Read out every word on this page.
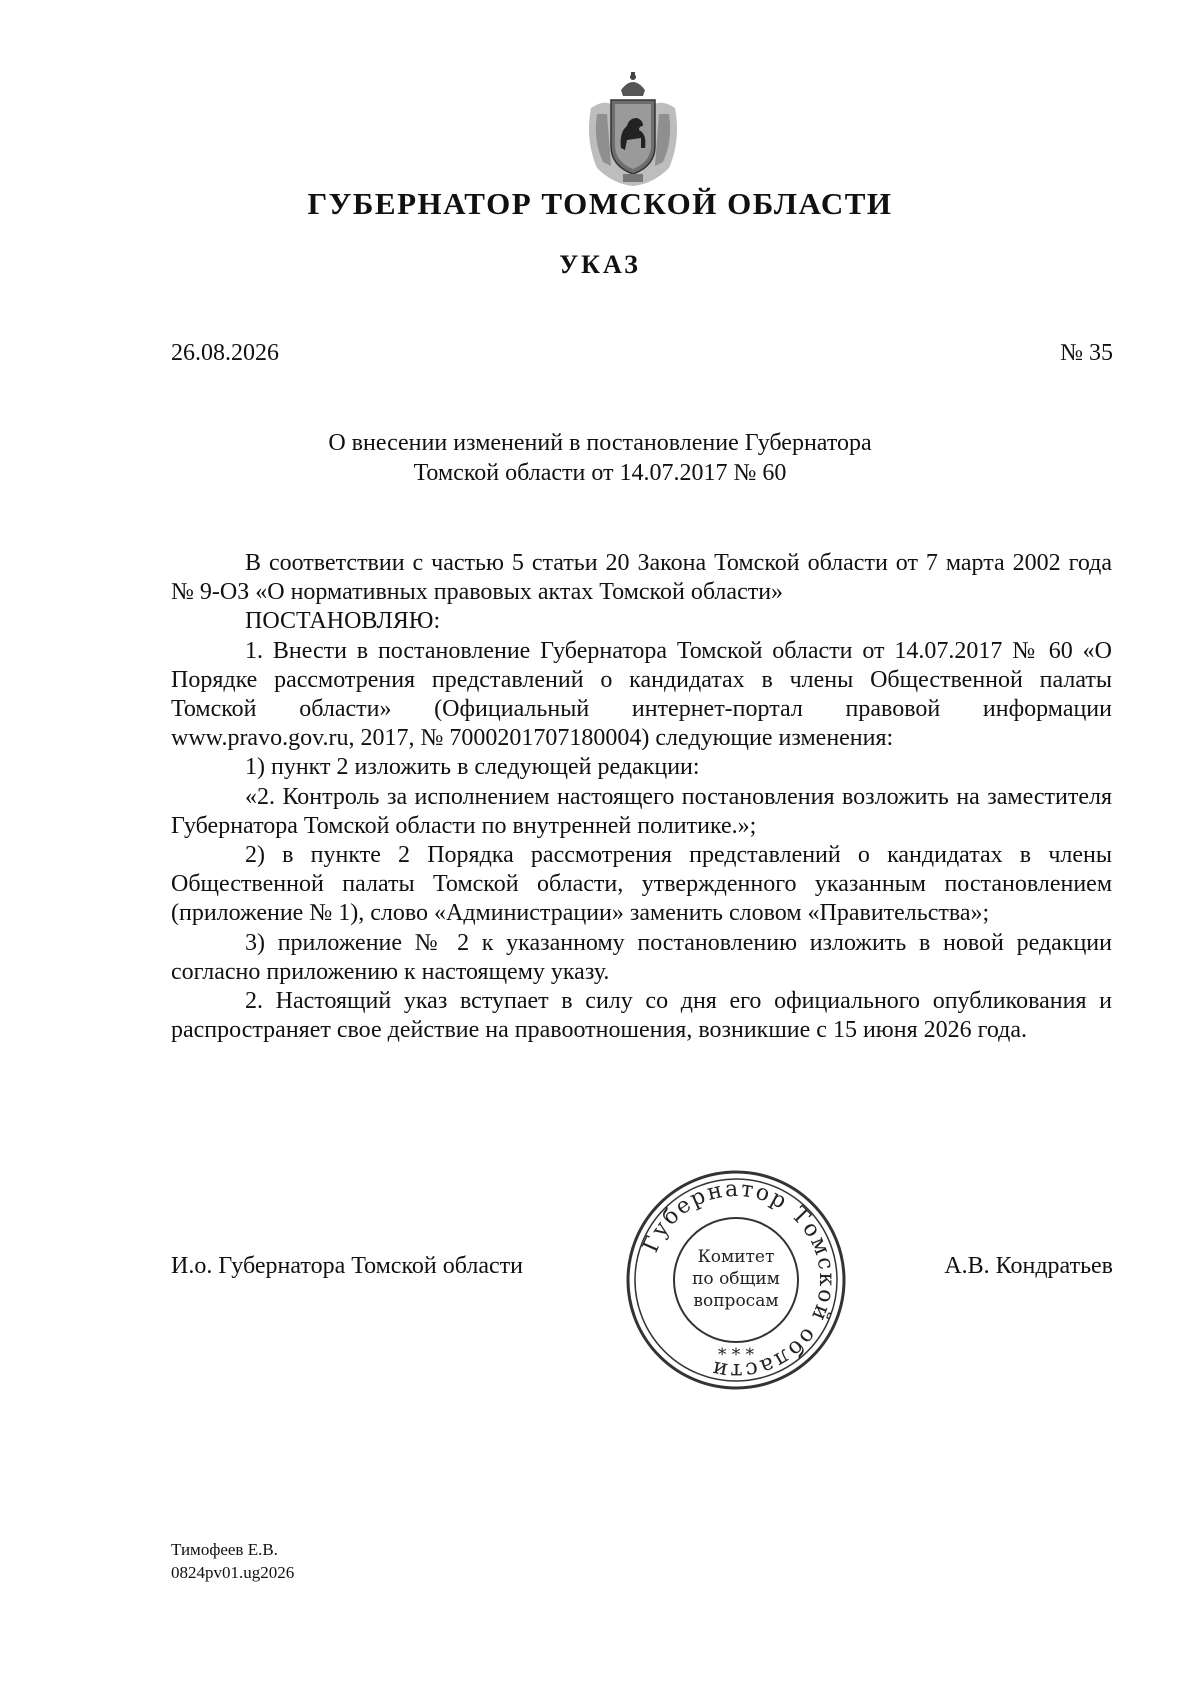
ГУБЕРНАТОР ТОМСКОЙ ОБЛАСТИ
УКАЗ
26.08.2026	№ 35
О внесении изменений в постановление Губернатора
Томской области от 14.07.2017 № 60

В соответствии с частью 5 статьи 20 Закона Томской области от 7 марта 2002 года № 9-ОЗ «О нормативных правовых актах Томской области»

ПОСТАНОВЛЯЮ:

1. Внести в постановление Губернатора Томской области от 14.07.2017 № 60 «О Порядке рассмотрения представлений о кандидатах в члены Общественной палаты Томской области» (Официальный интернет-портал правовой информации www.pravo.gov.ru, 2017, № 7000201707180004) следующие изменения:

1) пункт 2 изложить в следующей редакции:

«2. Контроль за исполнением настоящего постановления возложить на заместителя Губернатора Томской области по внутренней политике.»;

2) в пункте 2 Порядка рассмотрения представлений о кандидатах в члены Общественной палаты Томской области, утвержденного указанным постановлением (приложение № 1), слово «Администрации» заменить словом «Правительства»;

3) приложение № 2 к указанному постановлению изложить в новой редакции согласно приложению к настоящему указу.

2. Настоящий указ вступает в силу со дня его официального опубликования и распространяет свое действие на правоотношения, возникшие с 15 июня 2026 года.

И.о. Губернатора Томской области
Губернатор Томской области
Комитет
по общим
вопросам
* * *
А.В. Кондратьев
Тимофеев Е.В.
0824pv01.ug2026
